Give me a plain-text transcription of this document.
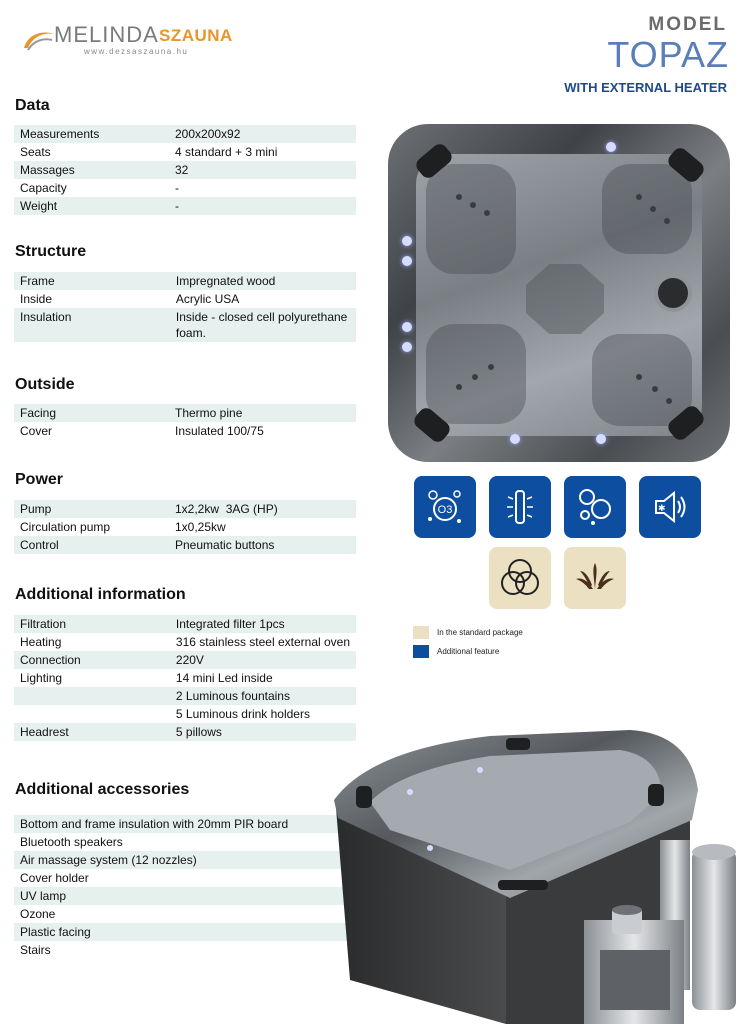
MELINDA SZAUNA
www.dezsaszauna.hu
MODEL
TOPAZ
WITH EXTERNAL HEATER
Data
Measurements	200x200x92
Seats	4 standard + 3 mini
Massages	32
Capacity	-
Weight	-
Structure
Frame	Impregnated wood
Inside	Acrylic USA
Insulation	Inside - closed cell polyurethane foam.
Outside
Facing	Thermo pine
Cover	Insulated 100/75
Power
Pump	1x2,2kw  3AG (HP)
Circulation pump	1x0,25kw
Control	Pneumatic buttons
Additional information
Filtration	Integrated filter 1pcs
Heating	316 stainless steel external oven
Connection	220V
Lighting	14 mini Led inside
	2 Luminous fountains
	5 Luminous drink holders
Headrest	5 pillows
Additional accessories
Bottom and frame insulation with 20mm PIR board
Bluetooth speakers
Air massage system (12 nozzles)
Cover holder
UV lamp
Ozone
Plastic facing
Stairs
O3	✱
In the standard package
Additional feature
